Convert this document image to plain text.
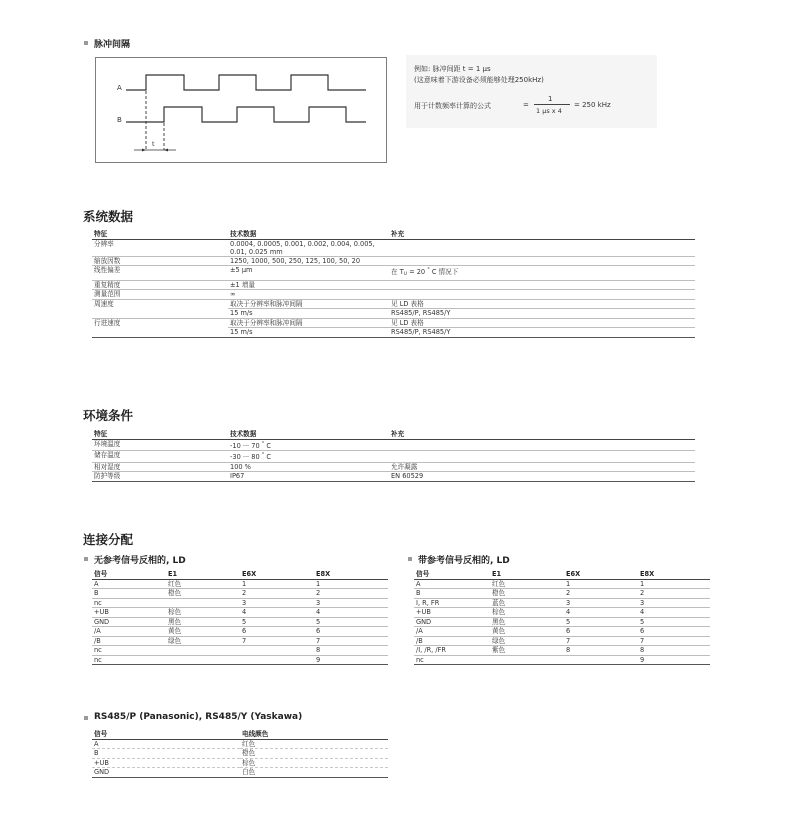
脉冲间隔
A
B
t
例如: 脉冲间距 t = 1 μs
(这意味着下游设备必须能够处理250kHz)
用于计数频率计算的公式	=
1
1 μs x 4
= 250 kHz
系统数据
特征	技术数据	补充
分辨率	0.0004, 0.0005, 0.001, 0.002, 0.004, 0.005, 0.01, 0.025 mm	
缩放因数	1250, 1000, 500, 250, 125, 100, 50, 20	
线性偏差	±5 μm	在 $T_U = 20$ ° C 情况下
重复精度	±1 增量	
测量范围	∞	
周速度	取决于分辨率和脉冲间隔	见 LD 表格
	15 m/s	RS485/P, RS485/Y
行进速度	取决于分辨率和脉冲间隔	见 LD 表格
	15 m/s	RS485/P, RS485/Y
环境条件
特征	技术数据	补充
环境温度	-10 ··· 70 ° C	
储存温度	-30 ··· 80 ° C	
相对湿度	100 %	允许凝露
防护等级	IP67	EN 60529
连接分配
无参考信号反相的, LD
信号	E1	E6X	E8X
A	红色	1	1
B	橙色	2	2
nc		3	3
+UB	棕色	4	4
GND	黑色	5	5
/A	黄色	6	6
/B	绿色	7	7
nc			8
nc			9
带参考信号反相的, LD
信号	E1	E6X	E8X
A	红色	1	1
B	橙色	2	2
I, R, FR	蓝色	3	3
+UB	棕色	4	4
GND	黑色	5	5
/A	黄色	6	6
/B	绿色	7	7
/I, /R, /FR	紫色	8	8
nc			9
RS485/P (Panasonic), RS485/Y (Yaskawa)
信号	电线颜色
A	红色
B	橙色
+UB	棕色
GND	白色
